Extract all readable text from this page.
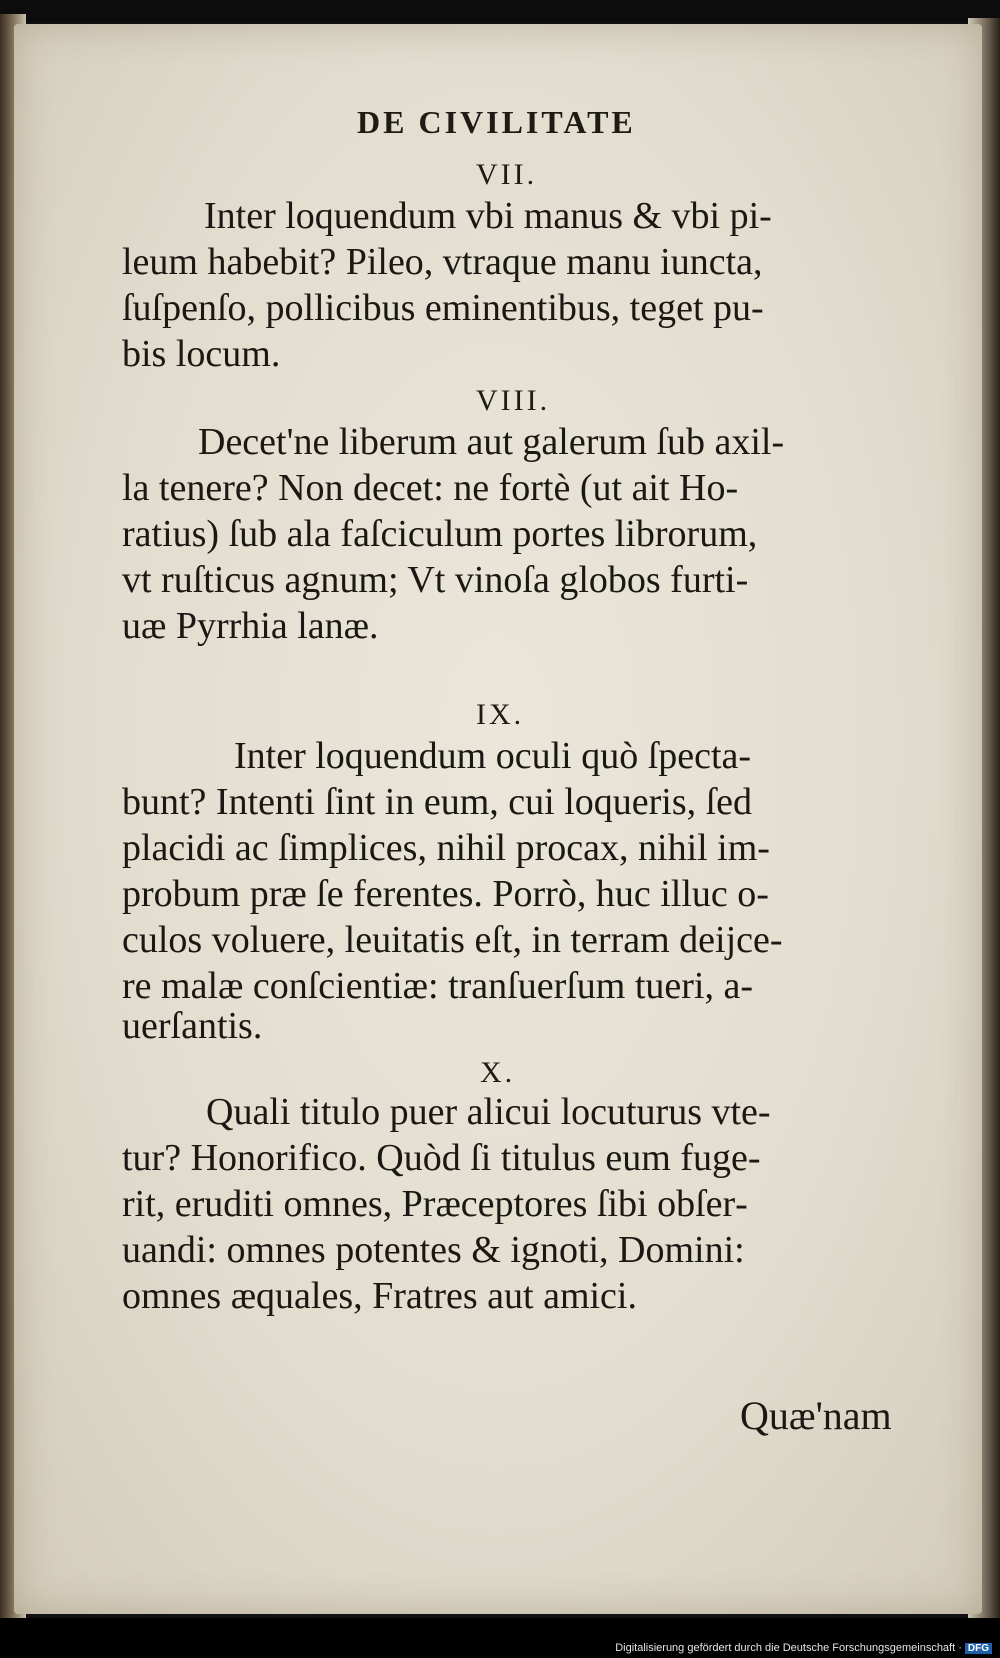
DE CIVILITATE
VII.
Inter loquendum vbi manus & vbi pi‐
leum habebit? Pileo, vtraque manu iuncta,
ſuſpenſo, pollicibus eminentibus, teget pu‐
bis locum.
VIII.
Decet'ne liberum aut galerum ſub axil‐
la tenere? Non decet: ne fortè (ut ait Ho‐
ratius) ſub ala faſciculum portes librorum,
vt ruſticus agnum; Vt vinoſa globos furti‐
uæ Pyrrhia lanæ.
IX.
Inter loquendum oculi quò ſpecta‐
bunt? Intenti ſint in eum, cui loqueris, ſed
placidi ac ſimplices, nihil procax, nihil im‐
probum præ ſe ferentes. Porrò, huc illuc o‐
culos voluere, leuitatis eſt, in terram deijce‐
re malæ conſcientiæ: tranſuerſum tueri, a‐
uerſantis.
X.
Quali titulo puer alicui locuturus vte‐
tur? Honorifico. Quòd ſi titulus eum fuge‐
rit, eruditi omnes, Præceptores ſibi obſer‐
uandi: omnes potentes & ignoti, Domini:
omnes æquales, Fratres aut amici.
Quæ'nam
Digitalisierung gefördert durch die Deutsche Forschungsgemeinschaft · DFG
